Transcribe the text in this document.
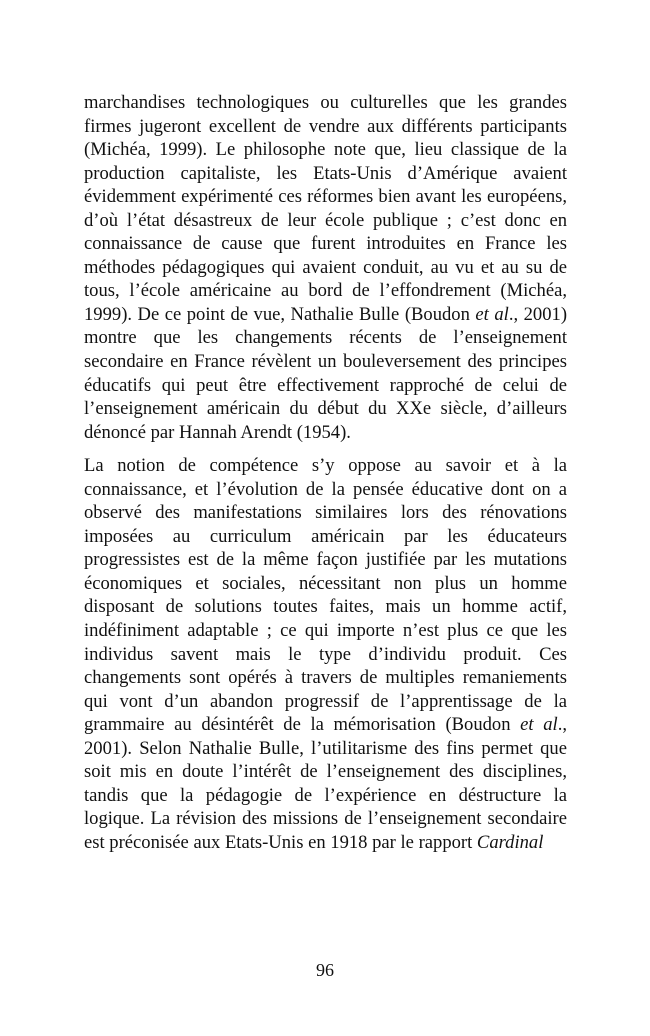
marchandises technologiques ou culturelles que les grandes firmes jugeront excellent de vendre aux différents participants (Michéa, 1999). Le philosophe note que, lieu classique de la production capitaliste, les Etats-Unis d’Amérique avaient évidemment expérimenté ces réformes bien avant les européens, d’où l’état désastreux de leur école publique ; c’est donc en connaissance de cause que furent introduites en France les méthodes pédagogiques qui avaient conduit, au vu et au su de tous, l’école américaine au bord de l’effondrement (Michéa, 1999). De ce point de vue, Nathalie Bulle (Boudon et al., 2001) montre que les changements récents de l’enseignement secondaire en France révèlent un bouleversement des principes éducatifs qui peut être effectivement rapproché de celui de l’enseignement américain du début du XXe siècle, d’ailleurs dénoncé par Hannah Arendt (1954).

La notion de compétence s’y oppose au savoir et à la connaissance, et l’évolution de la pensée éducative dont on a observé des manifestations similaires lors des rénovations imposées au curriculum américain par les éducateurs progressistes est de la même façon justifiée par les mutations économiques et sociales, nécessitant non plus un homme disposant de solutions toutes faites, mais un homme actif, indéfiniment adaptable ; ce qui importe n’est plus ce que les individus savent mais le type d’individu produit. Ces changements sont opérés à travers de multiples remaniements qui vont d’un abandon progressif de l’apprentissage de la grammaire au désintérêt de la mémorisation (Boudon et al., 2001). Selon Nathalie Bulle, l’utilitarisme des fins permet que soit mis en doute l’intérêt de l’enseignement des disciplines, tandis que la pédagogie de l’expérience en déstructure la logique. La révision des missions de l’enseignement secondaire est préconisée aux Etats-Unis en 1918 par le rapport Cardinal

96
